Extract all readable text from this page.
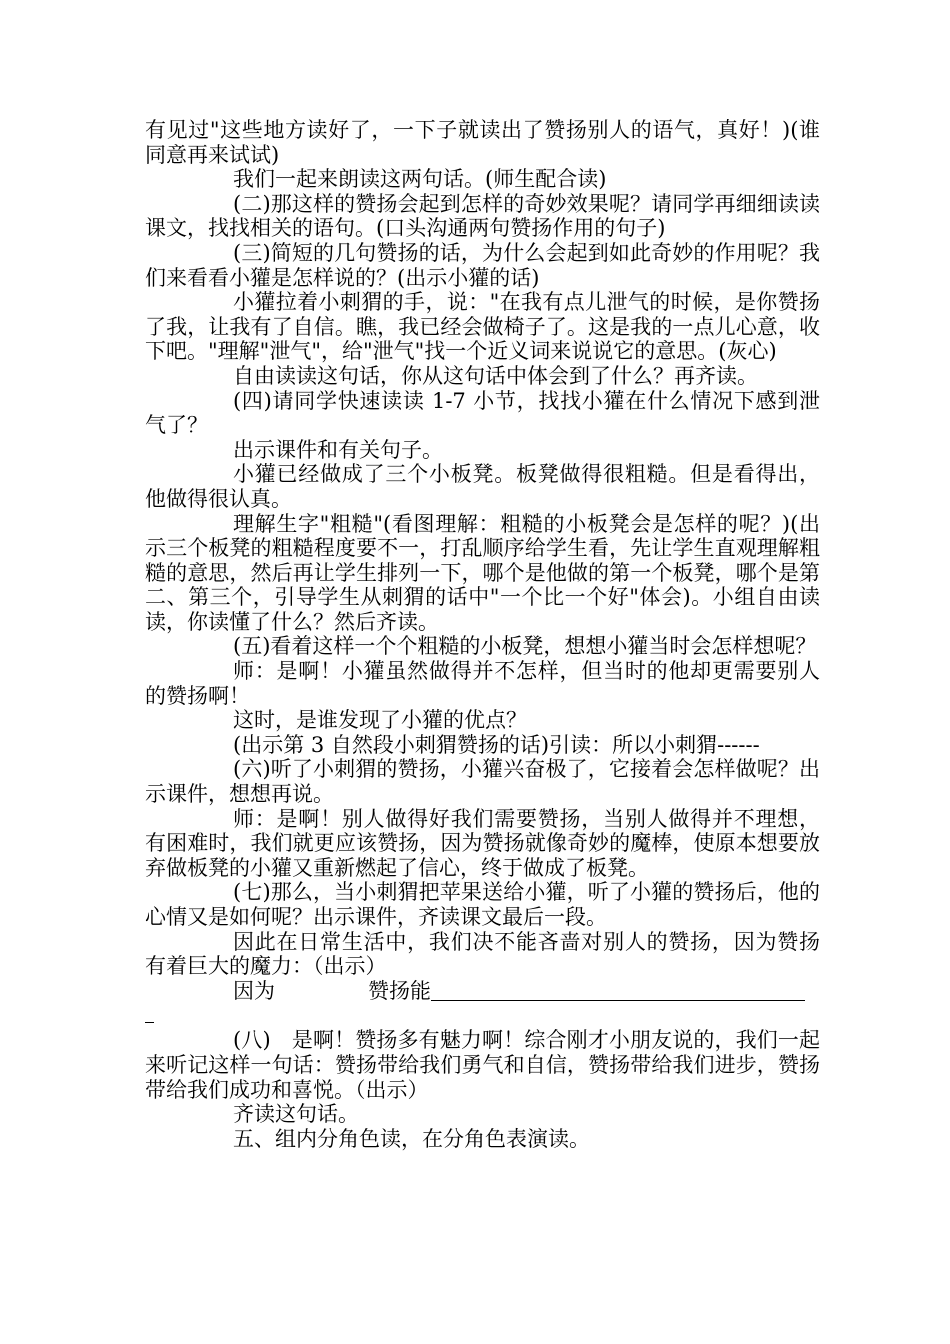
有见过"这些地方读好了，一下子就读出了赞扬别人的语气，真好！)(谁同意再来试试)

我们一起来朗读这两句话。(师生配合读)

(二)那这样的赞扬会起到怎样的奇妙效果呢？请同学再细细读读课文，找找相关的语句。(口头沟通两句赞扬作用的句子)

(三)简短的几句赞扬的话，为什么会起到如此奇妙的作用呢？我们来看看小獾是怎样说的？(出示小獾的话)

小獾拉着小刺猬的手，说："在我有点儿泄气的时候，是你赞扬了我，让我有了自信。瞧，我已经会做椅子了。这是我的一点儿心意，收下吧。"理解"泄气"，给"泄气"找一个近义词来说说它的意思。(灰心)

自由读读这句话，你从这句话中体会到了什么？再齐读。

(四)请同学快速读读 1-7 小节，找找小獾在什么情况下感到泄气了？

出示课件和有关句子。

小獾已经做成了三个小板凳。板凳做得很粗糙。但是看得出，他做得很认真。

理解生字"粗糙"(看图理解：粗糙的小板凳会是怎样的呢？)(出示三个板凳的粗糙程度要不一，打乱顺序给学生看，先让学生直观理解粗糙的意思，然后再让学生排列一下，哪个是他做的第一个板凳，哪个是第二、第三个，引导学生从刺猬的话中"一个比一个好"体会)。小组自由读读，你读懂了什么？然后齐读。

(五)看着这样一个个粗糙的小板凳，想想小獾当时会怎样想呢？

师：是啊！小獾虽然做得并不怎样，但当时的他却更需要别人的赞扬啊！

这时，是谁发现了小獾的优点？

(出示第 3 自然段小刺猬赞扬的话)引读：所以小刺猬------

(六)听了小刺猬的赞扬，小獾兴奋极了，它接着会怎样做呢？出示课件，想想再说。

师：是啊！别人做得好我们需要赞扬，当别人做得并不理想，有困难时，我们就更应该赞扬，因为赞扬就像奇妙的魔棒，使原本想要放弃做板凳的小獾又重新燃起了信心，终于做成了板凳。

(七)那么，当小刺猬把苹果送给小獾，听了小獾的赞扬后，他的心情又是如何呢？出示课件，齐读课文最后一段。

因此在日常生活中，我们决不能吝啬对别人的赞扬，因为赞扬有着巨大的魔力：（出示）

因为	赞扬能

(八)　是啊！赞扬多有魅力啊！综合刚才小朋友说的，我们一起来听记这样一句话：赞扬带给我们勇气和自信，赞扬带给我们进步，赞扬带给我们成功和喜悦。（出示）

齐读这句话。

五、组内分角色读，在分角色表演读。
